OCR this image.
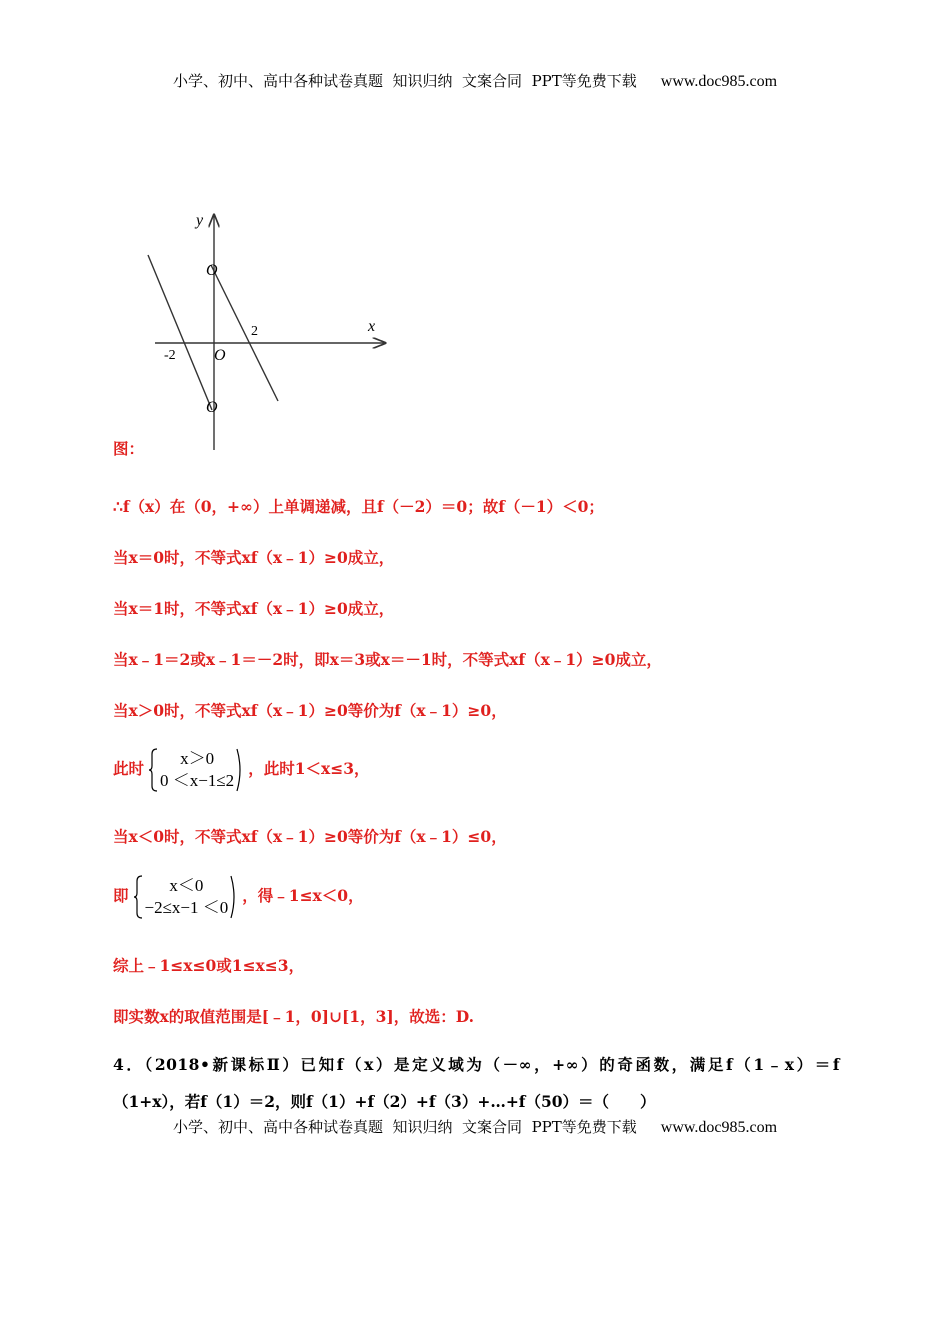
小学、初中、高中各种试卷真题  知识归纳  文案合同  PPT等免费下载 www.doc985.com
y
x
2
-2 O
O
O
图：
∴f（x）在（0，+∞）上单调递减，且f（－2）＝0；故f（－1）＜0；
当x＝0时，不等式xf（x﹣1）≥0成立，
当x＝1时，不等式xf（x﹣1）≥0成立，
当x﹣1＝2或x﹣1＝－2时，即x＝3或x＝－1时，不等式xf（x﹣1）≥0成立，
当x＞0时，不等式xf（x﹣1）≥0等价为f（x﹣1）≥0，
此时
x＞0
0 ＜x−1≤2
，此时1＜x≤3，
当x＜0时，不等式xf（x﹣1）≥0等价为f（x﹣1）≤0，
即
x＜0
−2≤x−1 ＜0
，得﹣1≤x＜0，
综上﹣1≤x≤0或1≤x≤3，
即实数x的取值范围是[﹣1，0]∪[1，3]，故选：D.
4．（2018•新课标Ⅱ）已知f（x）是定义域为（－∞，+∞）的奇函数，满足f（1﹣x）＝f
（1+x），若f（1）＝2，则f（1）+f（2）+f（3）+…+f（50）＝（　　）
小学、初中、高中各种试卷真题  知识归纳  文案合同  PPT等免费下载 www.doc985.com
